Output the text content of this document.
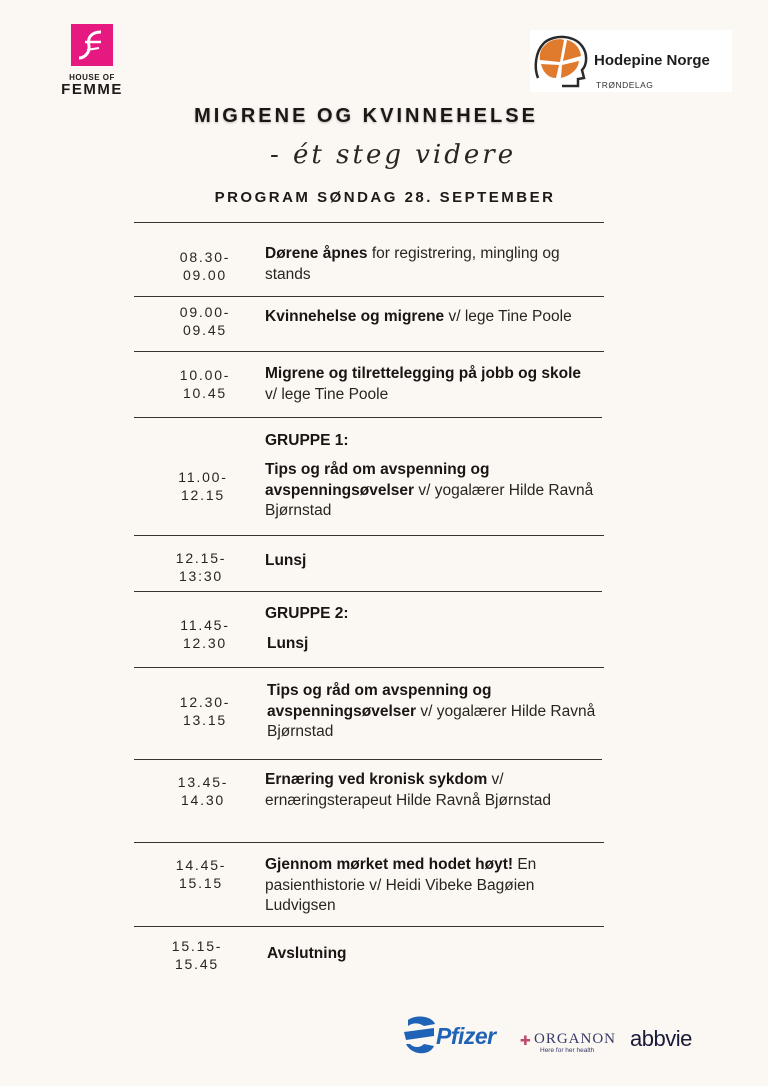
HOUSE OF
FEMME
Hodepine Norge
TRØNDELAG
MIGRENE OG KVINNEHELSE
- ét steg videre
PROGRAM SØNDAG 28. SEPTEMBER
08.30-
09.00
Dørene åpnes for registrering, mingling og stands
09.00-
09.45
Kvinnehelse og migrene v/ lege Tine Poole
10.00-
10.45
Migrene og tilrettelegging på jobb og skole v/ lege Tine Poole
GRUPPE 1:
11.00-
12.15
Tips og råd om avspenning og avspenningsøvelser v/ yogalærer Hilde Ravnå Bjørnstad
12.15-
13:30
Lunsj
GRUPPE 2:
11.45-
12.30	Lunsj
12.30-
13.15
Tips og råd om avspenning og avspenningsøvelser v/ yogalærer Hilde Ravnå Bjørnstad
13.45-
14.30
Ernæring ved kronisk sykdom v/ ernæringsterapeut Hilde Ravnå Bjørnstad
14.45-
15.15
Gjennom mørket med hodet høyt! En pasienthistorie v/ Heidi Vibeke Bagøien Ludvigsen
15.15-
15.45
Avslutning
Pfizer ✚ ORGANON
Here for her health abbvie
